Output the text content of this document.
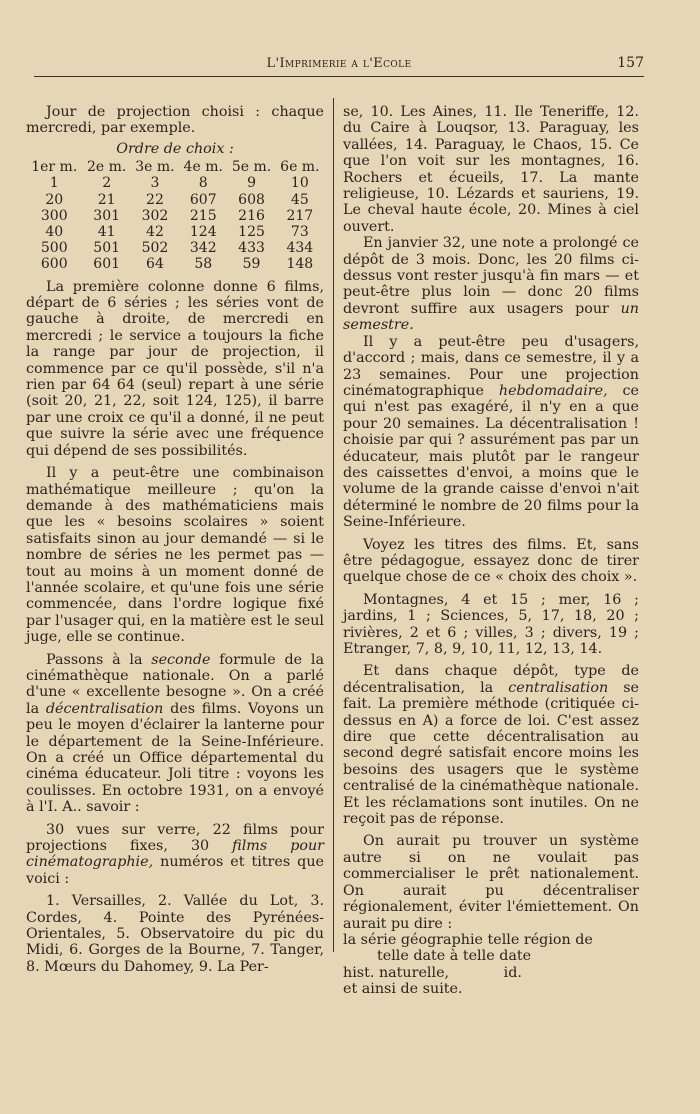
L'Imprimerie a l'Ecole	157

Jour de projection choisi : chaque mercredi, par exemple.

Ordre de choix :
1er m.	2e m.	3e m.	4e m.	5e m.	6e m.
1	2	3	8	9	10
20	21	22	607	608	45
300	301	302	215	216	217
40	41	42	124	125	73
500	501	502	342	433	434
600	601	64	58	59	148

La première colonne donne 6 films, départ de 6 séries ; les séries vont de gauche à droite, de mercredi en mercredi ; le service a toujours la fiche la range par jour de projection, il commence par ce qu'il possède, s'il n'a rien par 64 64 (seul) repart à une série (soit 20, 21, 22, soit 124, 125), il barre par une croix ce qu'il a donné, il ne peut que suivre la série avec une fréquence qui dépend de ses possibilités.

Il y a peut-être une combinaison mathématique meilleure ; qu'on la demande à des mathématiciens mais que les « besoins scolaires » soient satisfaits sinon au jour demandé — si le nombre de séries ne les permet pas — tout au moins à un moment donné de l'année scolaire, et qu'une fois une série commencée, dans l'ordre logique fixé par l'usager qui, en la matière est le seul juge, elle se continue.

Passons à la seconde formule de la cinémathèque nationale. On a parlé d'une « excellente besogne ». On a créé la décentralisation des films. Voyons un peu le moyen d'éclairer la lanterne pour le département de la Seine-Inférieure. On a créé un Office départemental du cinéma éducateur. Joli titre : voyons les coulisses. En octobre 1931, on a envoyé à l'I. A.. savoir :

30 vues sur verre, 22 films pour projections fixes, 30 films pour cinématographie, numéros et titres que voici :

1. Versailles, 2. Vallée du Lot, 3. Cordes, 4. Pointe des Pyrénées-Orientales, 5. Observatoire du pic du Midi, 6. Gorges de la Bourne, 7. Tanger, 8. Mœurs du Dahomey, 9. La Per-

se, 10. Les Aines, 11. Ile Teneriffe, 12. du Caire à Louqsor, 13. Paraguay, les vallées, 14. Paraguay, le Chaos, 15. Ce que l'on voit sur les montagnes, 16. Rochers et écueils, 17. La mante religieuse, 10. Lézards et sauriens, 19. Le cheval haute école, 20. Mines à ciel ouvert.

En janvier 32, une note a prolongé ce dépôt de 3 mois. Donc, les 20 films ci-dessus vont rester jusqu'à fin mars — et peut-être plus loin — donc 20 films devront suffire aux usagers pour un semestre.

Il y a peut-être peu d'usagers, d'accord ; mais, dans ce semestre, il y a 23 semaines. Pour une projection cinématographique hebdomadaire, ce qui n'est pas exagéré, il n'y en a que pour 20 semaines. La décentralisation ! choisie par qui ? assurément pas par un éducateur, mais plutôt par le rangeur des caissettes d'envoi, a moins que le volume de la grande caisse d'envoi n'ait déterminé le nombre de 20 films pour la Seine-Inférieure.

Voyez les titres des films. Et, sans être pédagogue, essayez donc de tirer quelque chose de ce « choix des choix ».

Montagnes, 4 et 15 ; mer, 16 ; jardins, 1 ; Sciences, 5, 17, 18, 20 ; rivières, 2 et 6 ; villes, 3 ; divers, 19 ; Etranger, 7, 8, 9, 10, 11, 12, 13, 14.

Et dans chaque dépôt, type de décentralisation, la centralisation se fait. La première méthode (critiquée ci-dessus en A) a force de loi. C'est assez dire que cette décentralisation au second degré satisfait encore moins les besoins des usagers que le système centralisé de la cinémathèque nationale. Et les réclamations sont inutiles. On ne reçoit pas de réponse.

On aurait pu trouver un système autre si on ne voulait pas commercialiser le prêt nationalement. On aurait pu décentraliser régionalement, éviter l'émiettement. On aurait pu dire :

la série géographie telle région de
telle date à telle date
hist. naturelle,            id.
et ainsi de suite.
